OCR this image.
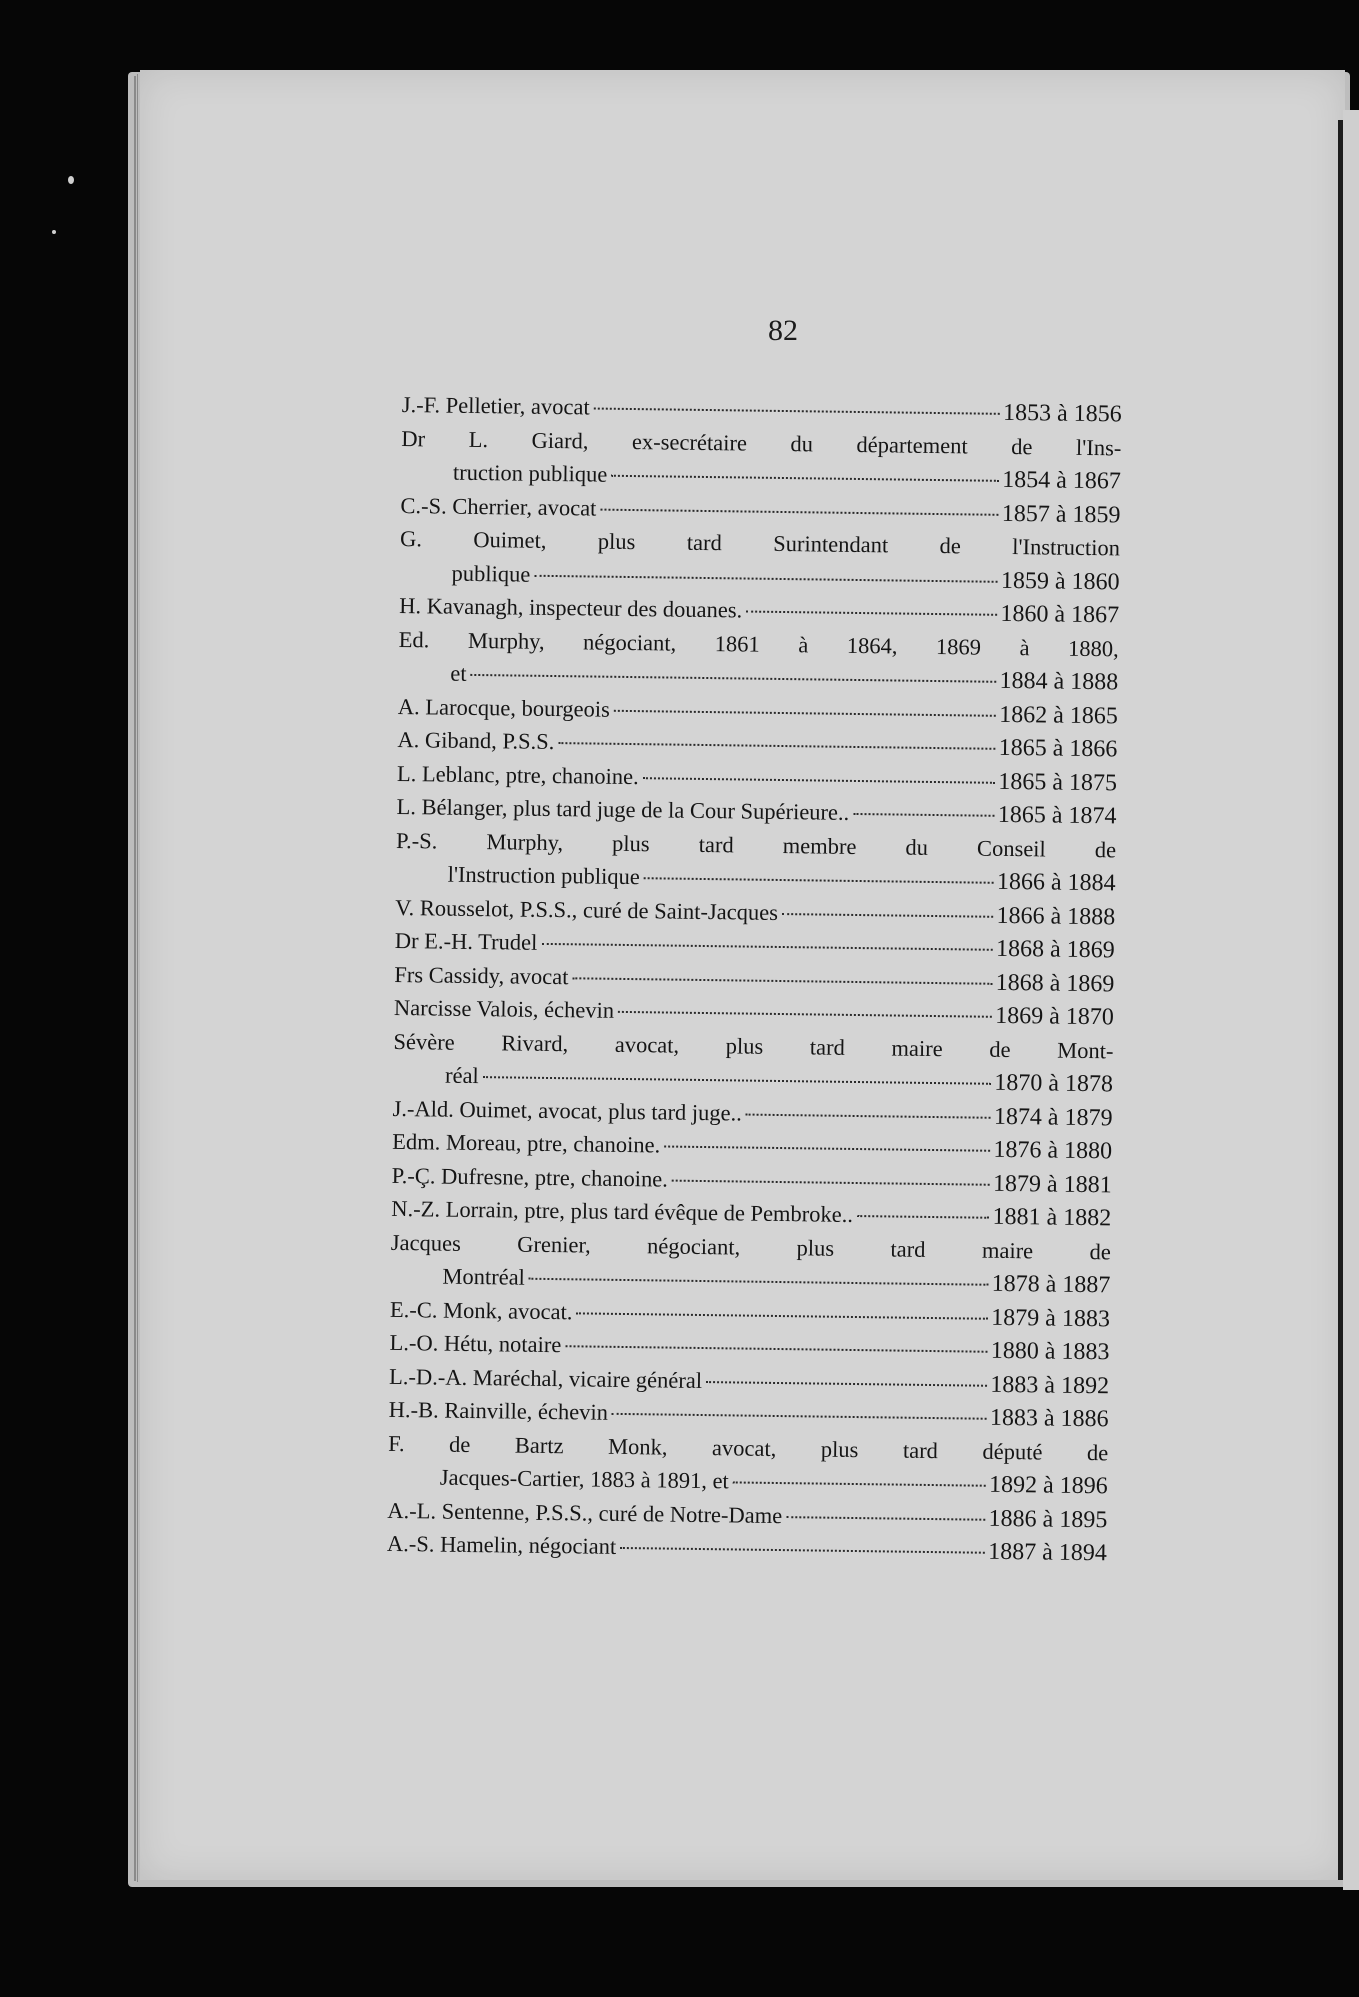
82
J.-F. Pelletier, avocat	1853 à 1856
Dr L. Giard, ex-secrétaire du département de l'Ins-
truction publique	1854 à 1867
C.-S. Cherrier, avocat	1857 à 1859
G. Ouimet, plus tard Surintendant de l'Instruction
publique	1859 à 1860
H. Kavanagh, inspecteur des douanes.	1860 à 1867
Ed. Murphy, négociant, 1861 à 1864, 1869 à 1880,
et	1884 à 1888
A. Larocque, bourgeois	1862 à 1865
A. Giband, P.S.S.	1865 à 1866
L. Leblanc, ptre, chanoine.	1865 à 1875
L. Bélanger, plus tard juge de la Cour Supérieure..	1865 à 1874
P.-S. Murphy, plus tard membre du Conseil de
l'Instruction publique	1866 à 1884
V. Rousselot, P.S.S., curé de Saint-Jacques	1866 à 1888
Dr E.-H. Trudel	1868 à 1869
Frs Cassidy, avocat	1868 à 1869
Narcisse Valois, échevin	1869 à 1870
Sévère Rivard, avocat, plus tard maire de Mont-
réal	1870 à 1878
J.-Ald. Ouimet, avocat, plus tard juge..	1874 à 1879
Edm. Moreau, ptre, chanoine.	1876 à 1880
P.-Ç. Dufresne, ptre, chanoine.	1879 à 1881
N.-Z. Lorrain, ptre, plus tard évêque de Pembroke..	1881 à 1882
Jacques Grenier, négociant, plus tard maire de
Montréal	1878 à 1887
E.-C. Monk, avocat.	1879 à 1883
L.-O. Hétu, notaire	1880 à 1883
L.-D.-A. Maréchal, vicaire général	1883 à 1892
H.-B. Rainville, échevin	1883 à 1886
F. de Bartz Monk, avocat, plus tard député de
Jacques-Cartier, 1883 à 1891, et	1892 à 1896
A.-L. Sentenne, P.S.S., curé de Notre-Dame	1886 à 1895
A.-S. Hamelin, négociant	1887 à 1894
